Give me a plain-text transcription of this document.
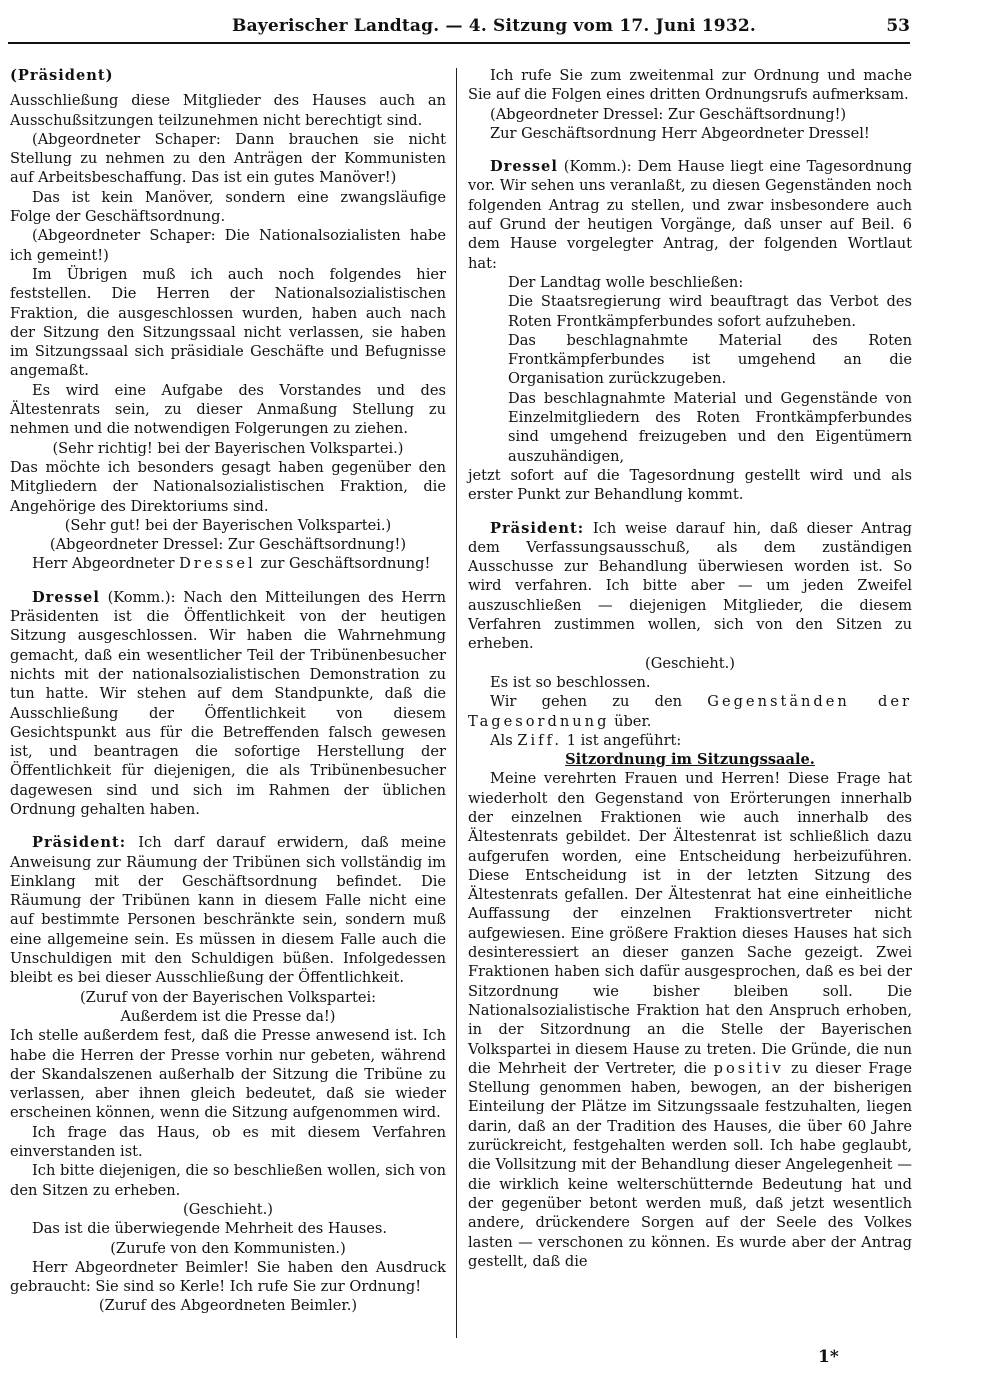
Bayerischer Landtag. — 4. Sitzung vom 17. Juni 1932.	53

(Präsident)

Ausschließung diese Mitglieder des Hauses auch an Ausschußsitzungen teilzunehmen nicht berechtigt sind.

(Abgeordneter Schaper: Dann brauchen sie nicht Stellung zu nehmen zu den Anträgen der Kommunisten auf Arbeitsbeschaffung. Das ist ein gutes Manöver!)

Das ist kein Manöver, sondern eine zwangsläufige Folge der Geschäftsordnung.

(Abgeordneter Schaper: Die Nationalsozialisten habe ich gemeint!)

Im Übrigen muß ich auch noch folgendes hier feststellen. Die Herren der Nationalsozialistischen Fraktion, die ausgeschlossen wurden, haben auch nach der Sitzung den Sitzungssaal nicht verlassen, sie haben im Sitzungssaal sich präsidiale Geschäfte und Befugnisse angemaßt.

Es wird eine Aufgabe des Vorstandes und des Ältestenrats sein, zu dieser Anmaßung Stellung zu nehmen und die notwendigen Folgerungen zu ziehen.

(Sehr richtig! bei der Bayerischen Volkspartei.)

Das möchte ich besonders gesagt haben gegenüber den Mitgliedern der Nationalsozialistischen Fraktion, die Angehörige des Direktoriums sind.

(Sehr gut! bei der Bayerischen Volkspartei.)

(Abgeordneter Dressel: Zur Geschäftsordnung!)

Herr Abgeordneter Dressel zur Geschäftsordnung!

Dressel (Komm.): Nach den Mitteilungen des Herrn Präsidenten ist die Öffentlichkeit von der heutigen Sitzung ausgeschlossen. Wir haben die Wahrnehmung gemacht, daß ein wesentlicher Teil der Tribünenbesucher nichts mit der nationalsozialistischen Demonstration zu tun hatte. Wir stehen auf dem Standpunkte, daß die Ausschließung der Öffentlichkeit von diesem Gesichtspunkt aus für die Betreffenden falsch gewesen ist, und beantragen die sofortige Herstellung der Öffentlichkeit für diejenigen, die als Tribünenbesucher dagewesen sind und sich im Rahmen der üblichen Ordnung gehalten haben.

Präsident: Ich darf darauf erwidern, daß meine Anweisung zur Räumung der Tribünen sich vollständig im Einklang mit der Geschäftsordnung befindet. Die Räumung der Tribünen kann in diesem Falle nicht eine auf bestimmte Personen beschränkte sein, sondern muß eine allgemeine sein. Es müssen in diesem Falle auch die Unschuldigen mit den Schuldigen büßen. Infolgedessen bleibt es bei dieser Ausschließung der Öffentlichkeit.

(Zuruf von der Bayerischen Volkspartei:

Außerdem ist die Presse da!)

Ich stelle außerdem fest, daß die Presse anwesend ist. Ich habe die Herren der Presse vorhin nur gebeten, während der Skandalszenen außerhalb der Sitzung die Tribüne zu verlassen, aber ihnen gleich bedeutet, daß sie wieder erscheinen können, wenn die Sitzung aufgenommen wird.

Ich frage das Haus, ob es mit diesem Verfahren einverstanden ist.

Ich bitte diejenigen, die so beschließen wollen, sich von den Sitzen zu erheben.

(Geschieht.)

Das ist die überwiegende Mehrheit des Hauses.

(Zurufe von den Kommunisten.)

Herr Abgeordneter Beimler! Sie haben den Ausdruck gebraucht: Sie sind so Kerle! Ich rufe Sie zur Ordnung!

(Zuruf des Abgeordneten Beimler.)

Ich rufe Sie zum zweitenmal zur Ordnung und mache Sie auf die Folgen eines dritten Ordnungsrufs aufmerksam.

(Abgeordneter Dressel: Zur Geschäftsordnung!)

Zur Geschäftsordnung Herr Abgeordneter Dressel!

Dressel (Komm.): Dem Hause liegt eine Tagesordnung vor. Wir sehen uns veranlaßt, zu diesen Gegenständen noch folgenden Antrag zu stellen, und zwar insbesondere auch auf Grund der heutigen Vorgänge, daß unser auf Beil. 6 dem Hause vorgelegter Antrag, der folgenden Wortlaut hat:

Der Landtag wolle beschließen:

Die Staatsregierung wird beauftragt das Verbot des Roten Frontkämpferbundes sofort aufzuheben.

Das beschlagnahmte Material des Roten Frontkämpferbundes ist umgehend an die Organisation zurückzugeben.

Das beschlagnahmte Material und Gegenstände von Einzelmitgliedern des Roten Frontkämpferbundes sind umgehend freizugeben und den Eigentümern auszuhändigen,

jetzt sofort auf die Tagesordnung gestellt wird und als erster Punkt zur Behandlung kommt.

Präsident: Ich weise darauf hin, daß dieser Antrag dem Verfassungsausschuß, als dem zuständigen Ausschusse zur Behandlung überwiesen worden ist. So wird verfahren. Ich bitte aber — um jeden Zweifel auszuschließen — diejenigen Mitglieder, die diesem Verfahren zustimmen wollen, sich von den Sitzen zu erheben.

(Geschieht.)

Es ist so beschlossen.

Wir gehen zu den Gegenständen der Tagesordnung über.

Als Ziff. 1 ist angeführt:

Sitzordnung im Sitzungssaale.

Meine verehrten Frauen und Herren! Diese Frage hat wiederholt den Gegenstand von Erörterungen innerhalb der einzelnen Fraktionen wie auch innerhalb des Ältestenrats gebildet. Der Ältestenrat ist schließlich dazu aufgerufen worden, eine Entscheidung herbeizuführen. Diese Entscheidung ist in der letzten Sitzung des Ältestenrats gefallen. Der Ältestenrat hat eine einheitliche Auffassung der einzelnen Fraktionsvertreter nicht aufgewiesen. Eine größere Fraktion dieses Hauses hat sich desinteressiert an dieser ganzen Sache gezeigt. Zwei Fraktionen haben sich dafür ausgesprochen, daß es bei der Sitzordnung wie bisher bleiben soll. Die Nationalsozialistische Fraktion hat den Anspruch erhoben, in der Sitzordnung an die Stelle der Bayerischen Volkspartei in diesem Hause zu treten. Die Gründe, die nun die Mehrheit der Vertreter, die positiv zu dieser Frage Stellung genommen haben, bewogen, an der bisherigen Einteilung der Plätze im Sitzungssaale festzuhalten, liegen darin, daß an der Tradition des Hauses, die über 60 Jahre zurückreicht, festgehalten werden soll. Ich habe geglaubt, die Vollsitzung mit der Behandlung dieser Angelegenheit — die wirklich keine welterschütternde Bedeutung hat und der gegenüber betont werden muß, daß jetzt wesentlich andere, drückendere Sorgen auf der Seele des Volkes lasten — verschonen zu können. Es wurde aber der Antrag gestellt, daß die

1*
